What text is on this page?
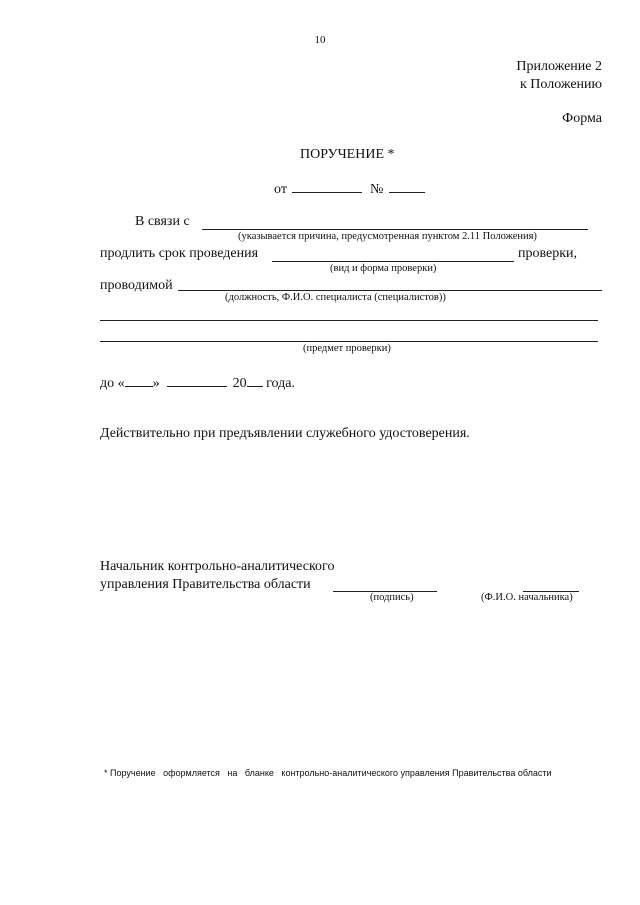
10
Приложение 2
к Положению
Форма
ПОРУЧЕНИЕ *
от	№
В связи с
(указывается причина, предусмотренная пунктом 2.11 Положения)
продлить срок проведения	проверки,
(вид и форма проверки)
проводимой
(должность, Ф.И.О. специалиста (специалистов))
(предмет проверки)
до « »	20 года.
Действительно при предъявлении служебного удостоверения.
Начальник контрольно-аналитического
управления Правительства области
(подпись)	(Ф.И.О. начальника)
* Поручение   оформляется   на   бланке   контрольно-аналитического управления Правительства области
